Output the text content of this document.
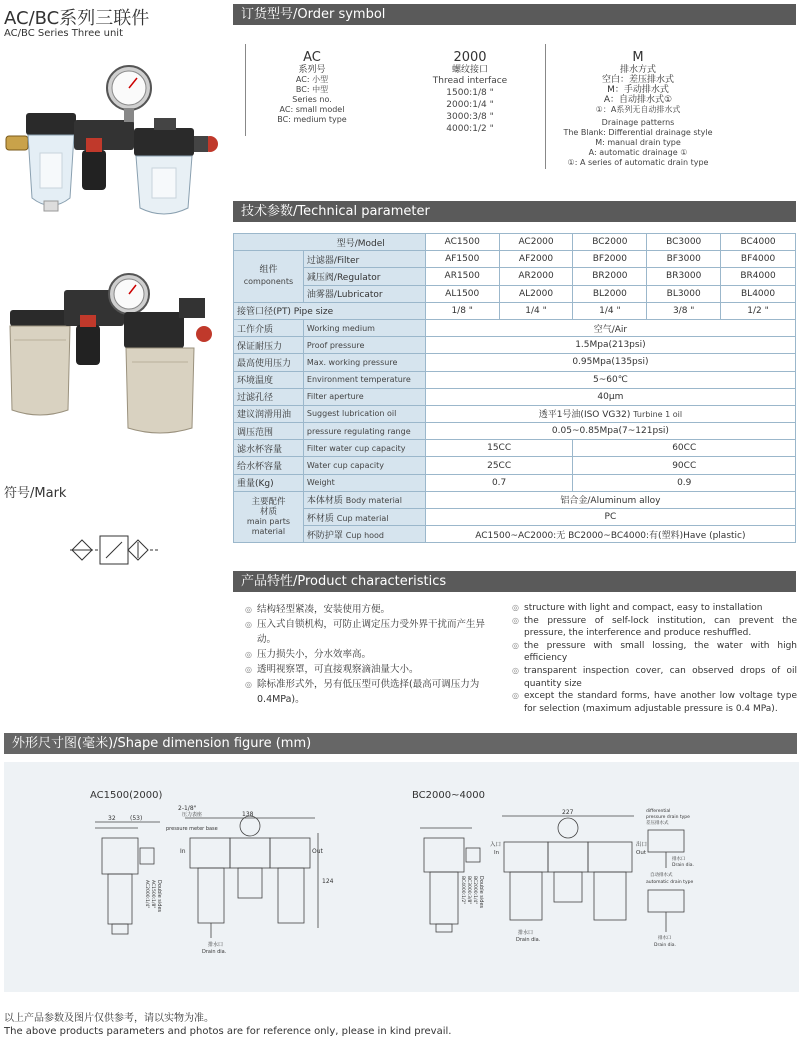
AC/BC系列三联件
AC/BC Series Three unit
订货型号/Order symbol
AC
系列号
AC: 小型
BC: 中型
Series no.
AC: small model
BC: medium type
2000
螺纹接口
Thread interface
1500:1/8 "
2000:1/4 "
3000:3/8 "
4000:1/2 "
M
排水方式
空白：差压排水式
M：手动排水式
A：自动排水式①
①：A系列无自动排水式
Drainage patterns
The Blank: Differential drainage style
M: manual drain type
A: automatic drainage ①
①: A series of automatic drain type
技术参数/Technical parameter
型号/Model		AC1500	AC2000	BC2000	BC3000	BC4000

组件
components	过滤器/Filter	AF1500	AF2000	BF2000	BF3000	BF4000
	减压阀/Regulator	AR1500	AR2000	BR2000	BR3000	BR4000
	油雾器/Lubricator	AL1500	AL2000	BL2000	BL3000	BL4000
接管口径(PT) Pipe size		1/8 "	1/4 "	1/4 "	3/8 "	1/2 "
工作介质	Working medium	空气/Air				
保证耐压力	Proof pressure	1.5Mpa(213psi)				
最高使用压力	Max. working pressure	0.95Mpa(135psi)				
环境温度	Environment temperature	5~60℃				
过滤孔径	Filter aperture	40μm				
建议润滑用油	Suggest lubrication oil	透平1号油(ISO VG32) Turbine 1 oil				
调压范围	pressure regulating range	0.05~0.85Mpa(7~121psi)				
滤水杯容量	Filter water cup capacity	15CC		60CC		
给水杯容量	Water cup capacity	25CC		90CC		
重量(Kg)	Weight	0.7		0.9		

主要配件
材质
main parts
material	本体材质 Body material	铝合金/Aluminum alloy				
	杯材质 Cup material	PC				
	杯防护罩 Cup hood	AC1500~AC2000:无 BC2000~BC4000:有(塑料)Have (plastic)				
符号/Mark
产品特性/Product characteristics
◎ 结构轻型紧凑，安装使用方便。
◎ 压入式自锁机构，可防止调定压力受外界干扰而产生异动。
◎ 压力损失小，分水效率高。
◎ 透明视察罩，可直接观察滴油量大小。
◎ 除标准形式外，另有低压型可供选择(最高可调压力为0.4MPa)。
◎ structure with light and compact, easy to installation
◎ the pressure of self-lock institution, can prevent the pressure, the interference and produce reshuffled.
◎ the pressure with small lossing, the water with high efficiency
◎ transparent inspection cover, can observed drops of oil quantity size
◎ except the standard forms, have another low voltage type for selection (maximum adjustable pressure is 0.4 MPa).
外形尺寸图(毫米)/Shape dimension figure (mm)
AC1500(2000)	BC2000~4000
32 (53)
2-1/8"
压力表座
pressure meter base
138
In	Out
124
排水口
Drain dia.
Double sides
AC1500:1/8"
AC2000:1/4"
227
入口
In
出口
Out
Double sides
BC2000:1/4"
BC3000:3/8"
BC4000:1/2"
排水口
Drain dia.
differential
pressure drain type
差压排水式
排水口
Drain dia.
自动排水式
automatic drain type
排水口
Drain dia.
以上产品参数及图片仅供参考，请以实物为准。
The above products parameters and photos are for reference only, please in kind prevail.
